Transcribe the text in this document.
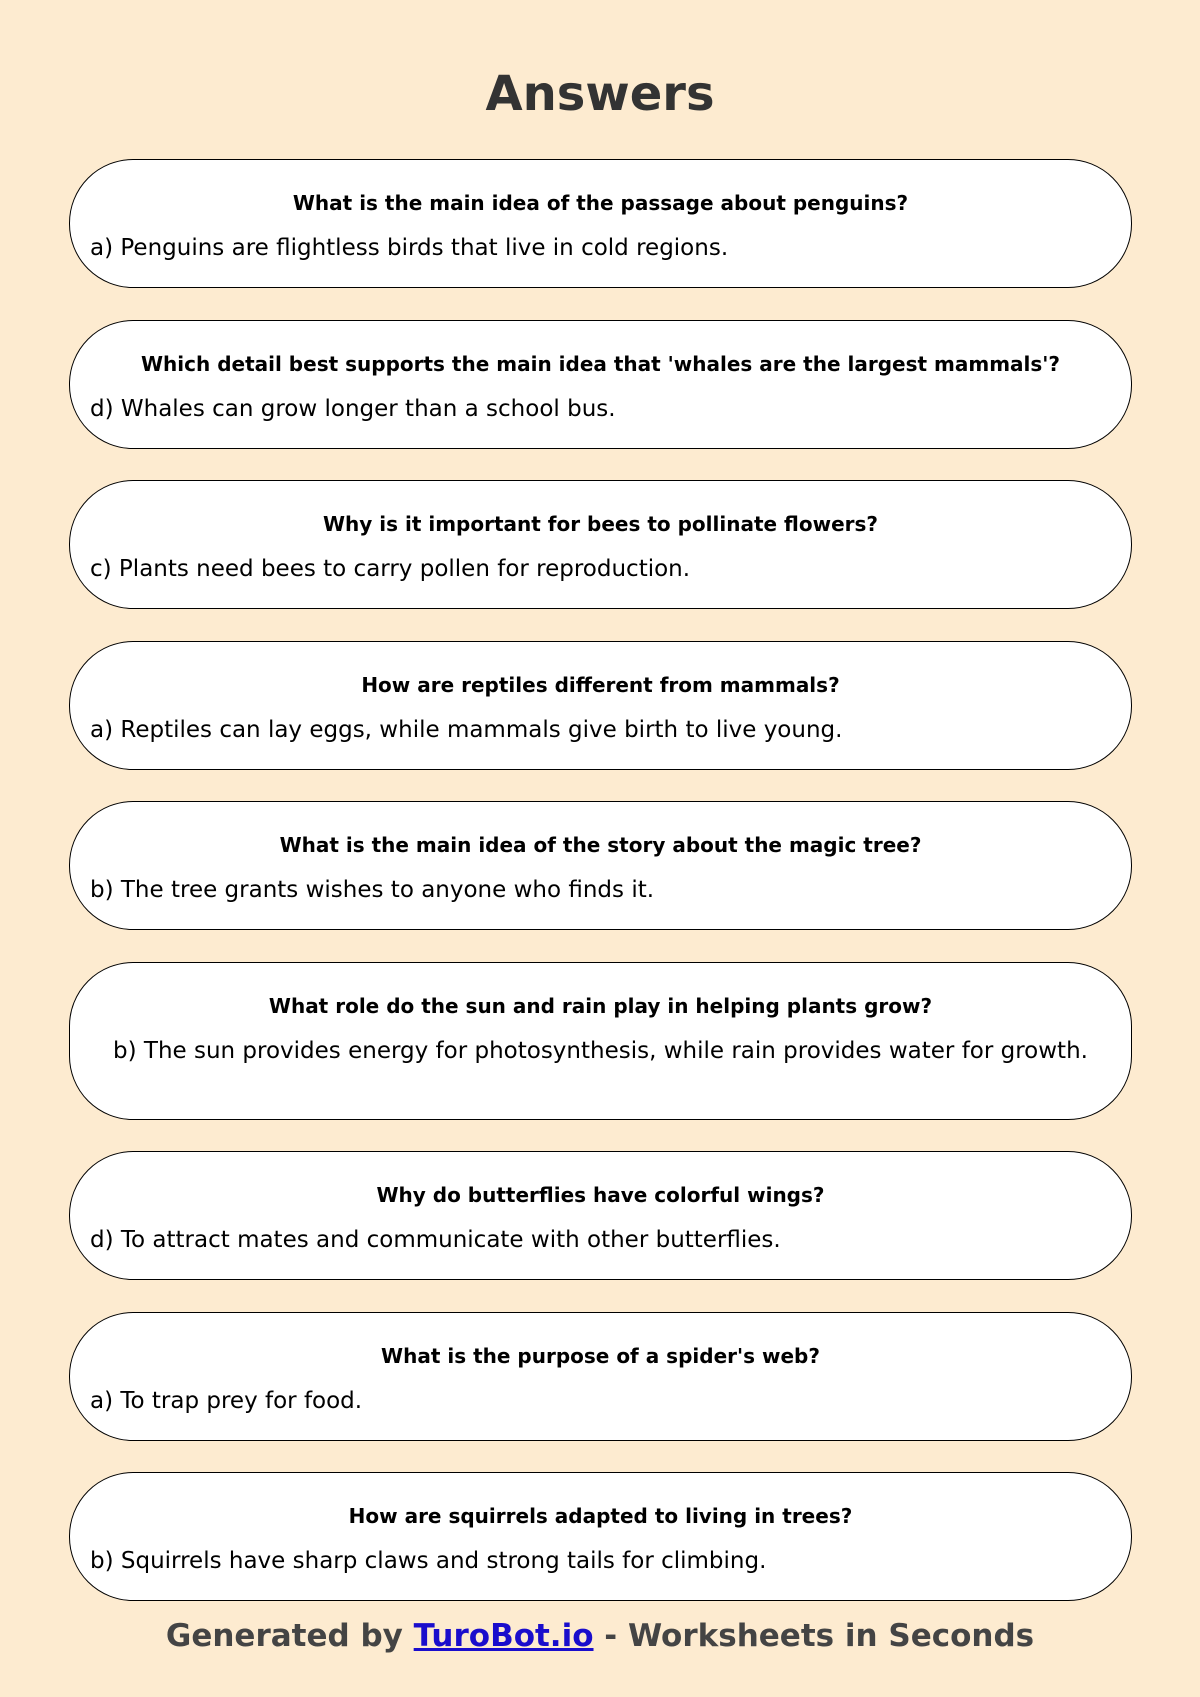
Answers

What is the main idea of the passage about penguins?

a) Penguins are flightless birds that live in cold regions.

Which detail best supports the main idea that 'whales are the largest mammals'?

d) Whales can grow longer than a school bus.

Why is it important for bees to pollinate flowers?

c) Plants need bees to carry pollen for reproduction.

How are reptiles different from mammals?

a) Reptiles can lay eggs, while mammals give birth to live young.

What is the main idea of the story about the magic tree?

b) The tree grants wishes to anyone who finds it.

What role do the sun and rain play in helping plants grow?

b) The sun provides energy for photosynthesis, while rain provides water for growth.

Why do butterflies have colorful wings?

d) To attract mates and communicate with other butterflies.

What is the purpose of a spider's web?

a) To trap prey for food.

How are squirrels adapted to living in trees?

b) Squirrels have sharp claws and strong tails for climbing.

Generated by TuroBot.io - Worksheets in Seconds
